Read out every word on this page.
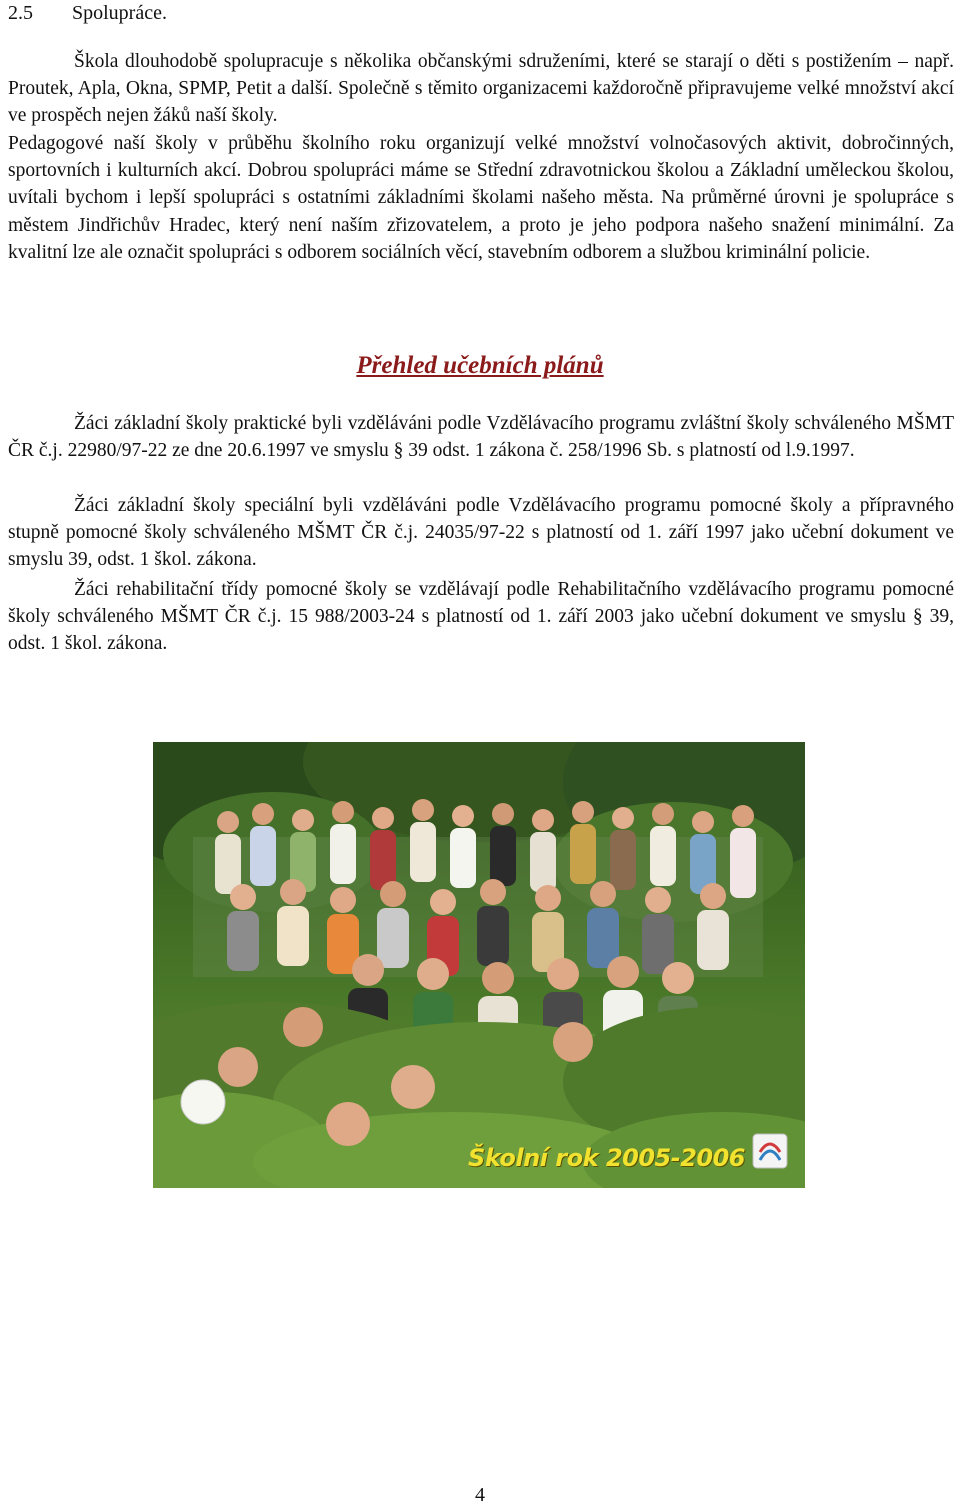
2.5 Spolupráce.

Škola dlouhodobě spolupracuje s několika občanskými sdruženími, které se starají o děti s postižením – např. Proutek, Apla, Okna, SPMP, Petit a další. Společně s těmito organizacemi každoročně připravujeme velké množství akcí ve prospěch nejen žáků naší školy.

Pedagogové naší školy v průběhu školního roku organizují velké množství volnočasových aktivit, dobročinných, sportovních i kulturních akcí. Dobrou spolupráci máme se Střední zdravotnickou školou a Základní uměleckou školou, uvítali bychom i lepší spolupráci s ostatními základními školami našeho města. Na průměrné úrovni je spolupráce s městem Jindřichův Hradec, který není naším zřizovatelem, a proto je jeho podpora našeho snažení minimální. Za kvalitní lze ale označit spolupráci s odborem sociálních věcí, stavebním odborem a službou kriminální policie.

Přehled učebních plánů

Žáci základní školy praktické byli vzděláváni podle Vzdělávacího programu zvláštní školy schváleného MŠMT ČR č.j. 22980/97-22 ze dne 20.6.1997 ve smyslu § 39 odst. 1 zákona č. 258/1996 Sb. s platností od l.9.1997.

Žáci základní školy speciální byli vzděláváni podle Vzdělávacího programu pomocné školy a přípravného stupně pomocné školy schváleného MŠMT ČR č.j. 24035/97-22 s platností od 1. září 1997 jako učební dokument ve smyslu 39, odst. 1 škol. zákona.

Žáci rehabilitační třídy pomocné školy se vzdělávají podle Rehabilitačního vzdělávacího programu pomocné školy schváleného MŠMT ČR č.j. 15 988/2003-24 s platností od 1. září 2003 jako učební dokument ve smyslu § 39, odst. 1 škol. zákona.

Školní rok 2005-2006
4
